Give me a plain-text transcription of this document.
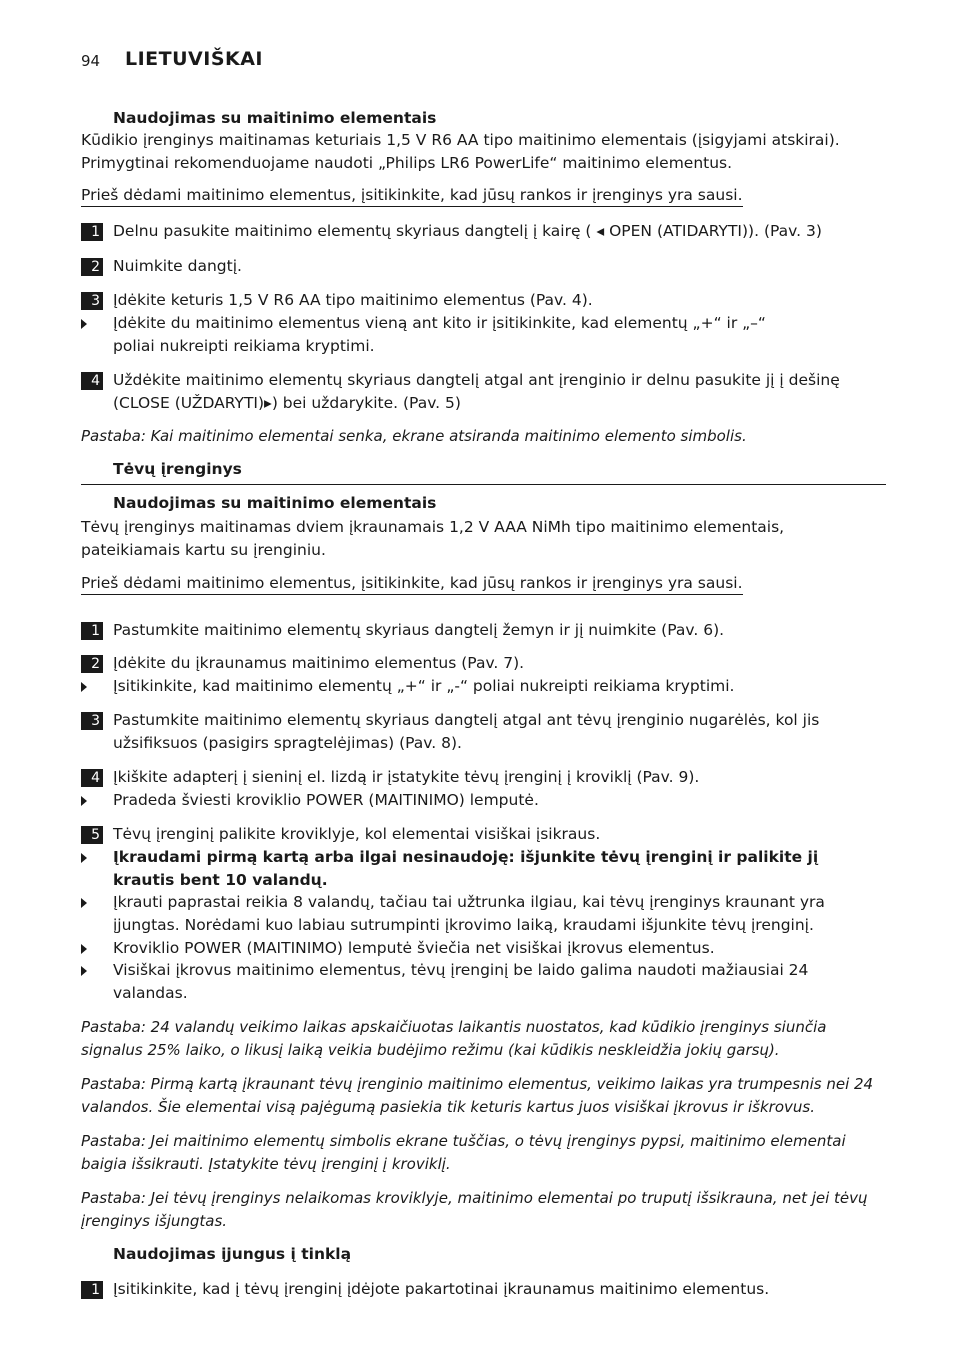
94 LIETUVIŠKAI
Naudojimas su maitinimo elementais
Kūdikio įrenginys maitinamas keturiais 1,5 V R6 AA tipo maitinimo elementais (įsigyjami atskirai).
Primygtinai rekomenduojame naudoti „Philips LR6 PowerLife“ maitinimo elementus.
Prieš dėdami maitinimo elementus, įsitikinkite, kad jūsų rankos ir įrenginys yra sausi.
1 Delnu pasukite maitinimo elementų skyriaus dangtelį į kairę ( ◂ OPEN (ATIDARYTI)). (Pav. 3)
2 Nuimkite dangtį.
3 Įdėkite keturis 1,5 V R6 AA tipo maitinimo elementus (Pav. 4).
Įdėkite du maitinimo elementus vieną ant kito ir įsitikinkite, kad elementų „+“ ir „–“
poliai nukreipti reikiama kryptimi.
4 Uždėkite maitinimo elementų skyriaus dangtelį atgal ant įrenginio ir delnu pasukite jį į dešinę
(CLOSE (UŽDARYTI)▸) bei uždarykite. (Pav. 5)
Pastaba: Kai maitinimo elementai senka, ekrane atsiranda maitinimo elemento simbolis.
Tėvų įrenginys
Naudojimas su maitinimo elementais
Tėvų įrenginys maitinamas dviem įkraunamais 1,2 V AAA NiMh tipo maitinimo elementais,
pateikiamais kartu su įrenginiu.
Prieš dėdami maitinimo elementus, įsitikinkite, kad jūsų rankos ir įrenginys yra sausi.
1 Pastumkite maitinimo elementų skyriaus dangtelį žemyn ir jį nuimkite (Pav. 6).
2 Įdėkite du įkraunamus maitinimo elementus (Pav. 7).
Įsitikinkite, kad maitinimo elementų „+“ ir „-“ poliai nukreipti reikiama kryptimi.
3 Pastumkite maitinimo elementų skyriaus dangtelį atgal ant tėvų įrenginio nugarėlės, kol jis
užsifiksuos (pasigirs spragtelėjimas) (Pav. 8).
4 Įkiškite adapterį į sieninį el. lizdą ir įstatykite tėvų įrenginį į kroviklį (Pav. 9).
Pradeda šviesti kroviklio POWER (MAITINIMO) lemputė.
5 Tėvų įrenginį palikite kroviklyje, kol elementai visiškai įsikraus.
Įkraudami pirmą kartą arba ilgai nesinaudoję: išjunkite tėvų įrenginį ir palikite jį
krautis bent 10 valandų.
Įkrauti paprastai reikia 8 valandų, tačiau tai užtrunka ilgiau, kai tėvų įrenginys kraunant yra
įjungtas. Norėdami kuo labiau sutrumpinti įkrovimo laiką, kraudami išjunkite tėvų įrenginį.
Kroviklio POWER (MAITINIMO) lemputė šviečia net visiškai įkrovus elementus.
Visiškai įkrovus maitinimo elementus, tėvų įrenginį be laido galima naudoti mažiausiai 24
valandas.
Pastaba: 24 valandų veikimo laikas apskaičiuotas laikantis nuostatos, kad kūdikio įrenginys siunčia
signalus 25% laiko, o likusį laiką veikia budėjimo režimu (kai kūdikis neskleidžia jokių garsų).
Pastaba: Pirmą kartą įkraunant tėvų įrenginio maitinimo elementus, veikimo laikas yra trumpesnis nei 24
valandos. Šie elementai visą pajėgumą pasiekia tik keturis kartus juos visiškai įkrovus ir iškrovus.
Pastaba: Jei maitinimo elementų simbolis ekrane tuščias, o tėvų įrenginys pypsi, maitinimo elementai
baigia išsikrauti. Įstatykite tėvų įrenginį į kroviklį.
Pastaba: Jei tėvų įrenginys nelaikomas kroviklyje, maitinimo elementai po truputį išsikrauna, net jei tėvų
įrenginys išjungtas.
Naudojimas įjungus į tinklą
1 Įsitikinkite, kad į tėvų įrenginį įdėjote pakartotinai įkraunamus maitinimo elementus.
